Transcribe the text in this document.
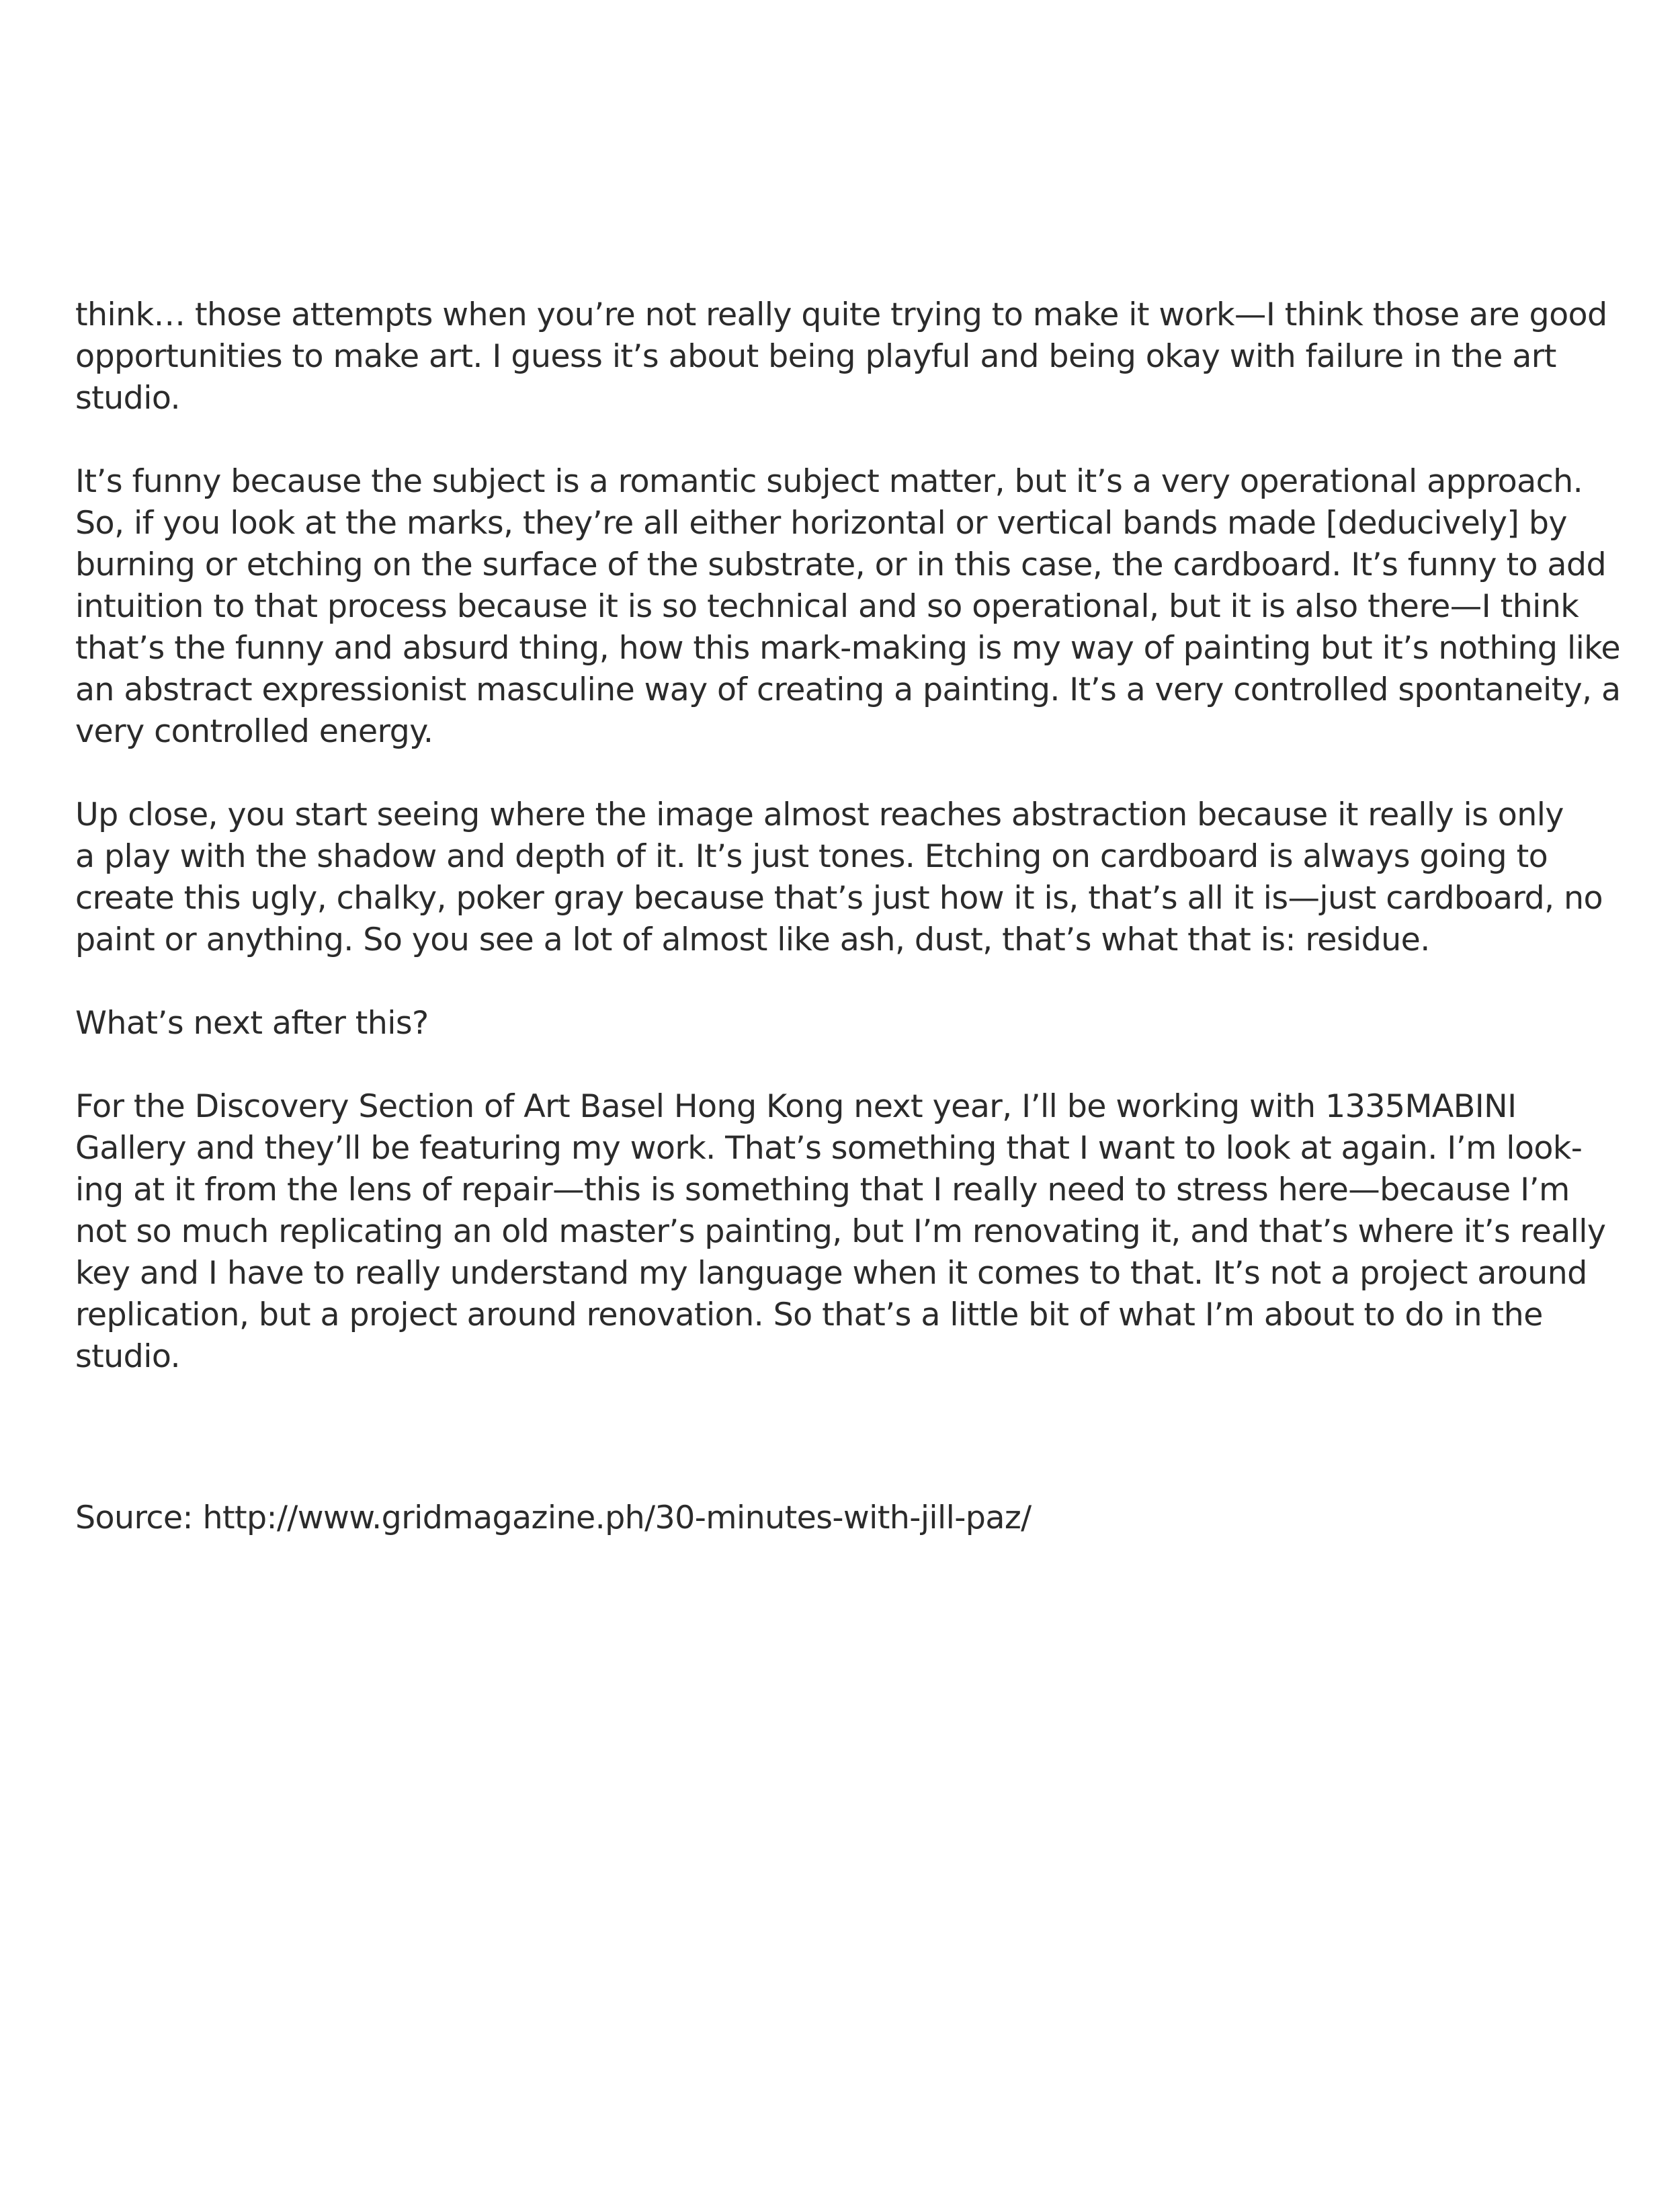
think… those attempts when you’re not really quite trying to make it work—I think those are good
opportunities to make art. I guess it’s about being playful and being okay with failure in the art
studio.
It’s funny because the subject is a romantic subject matter, but it’s a very operational approach.
So, if you look at the marks, they’re all either horizontal or vertical bands made [deducively] by
burning or etching on the surface of the substrate, or in this case, the cardboard. It’s funny to add
intuition to that process because it is so technical and so operational, but it is also there—I think
that’s the funny and absurd thing, how this mark-making is my way of painting but it’s nothing like
an abstract expressionist masculine way of creating a painting. It’s a very controlled spontaneity, a
very controlled energy.
Up close, you start seeing where the image almost reaches abstraction because it really is only
a play with the shadow and depth of it. It’s just tones. Etching on cardboard is always going to
create this ugly, chalky, poker gray because that’s just how it is, that’s all it is—just cardboard, no
paint or anything. So you see a lot of almost like ash, dust, that’s what that is: residue.
What’s next after this?
For the Discovery Section of Art Basel Hong Kong next year, I’ll be working with 1335MABINI
Gallery and they’ll be featuring my work. That’s something that I want to look at again. I’m look-
ing at it from the lens of repair—this is something that I really need to stress here—because I’m
not so much replicating an old master’s painting, but I’m renovating it, and that’s where it’s really
key and I have to really understand my language when it comes to that. It’s not a project around
replication, but a project around renovation. So that’s a little bit of what I’m about to do in the
studio.
Source: http://www.gridmagazine.ph/30-minutes-with-jill-paz/
